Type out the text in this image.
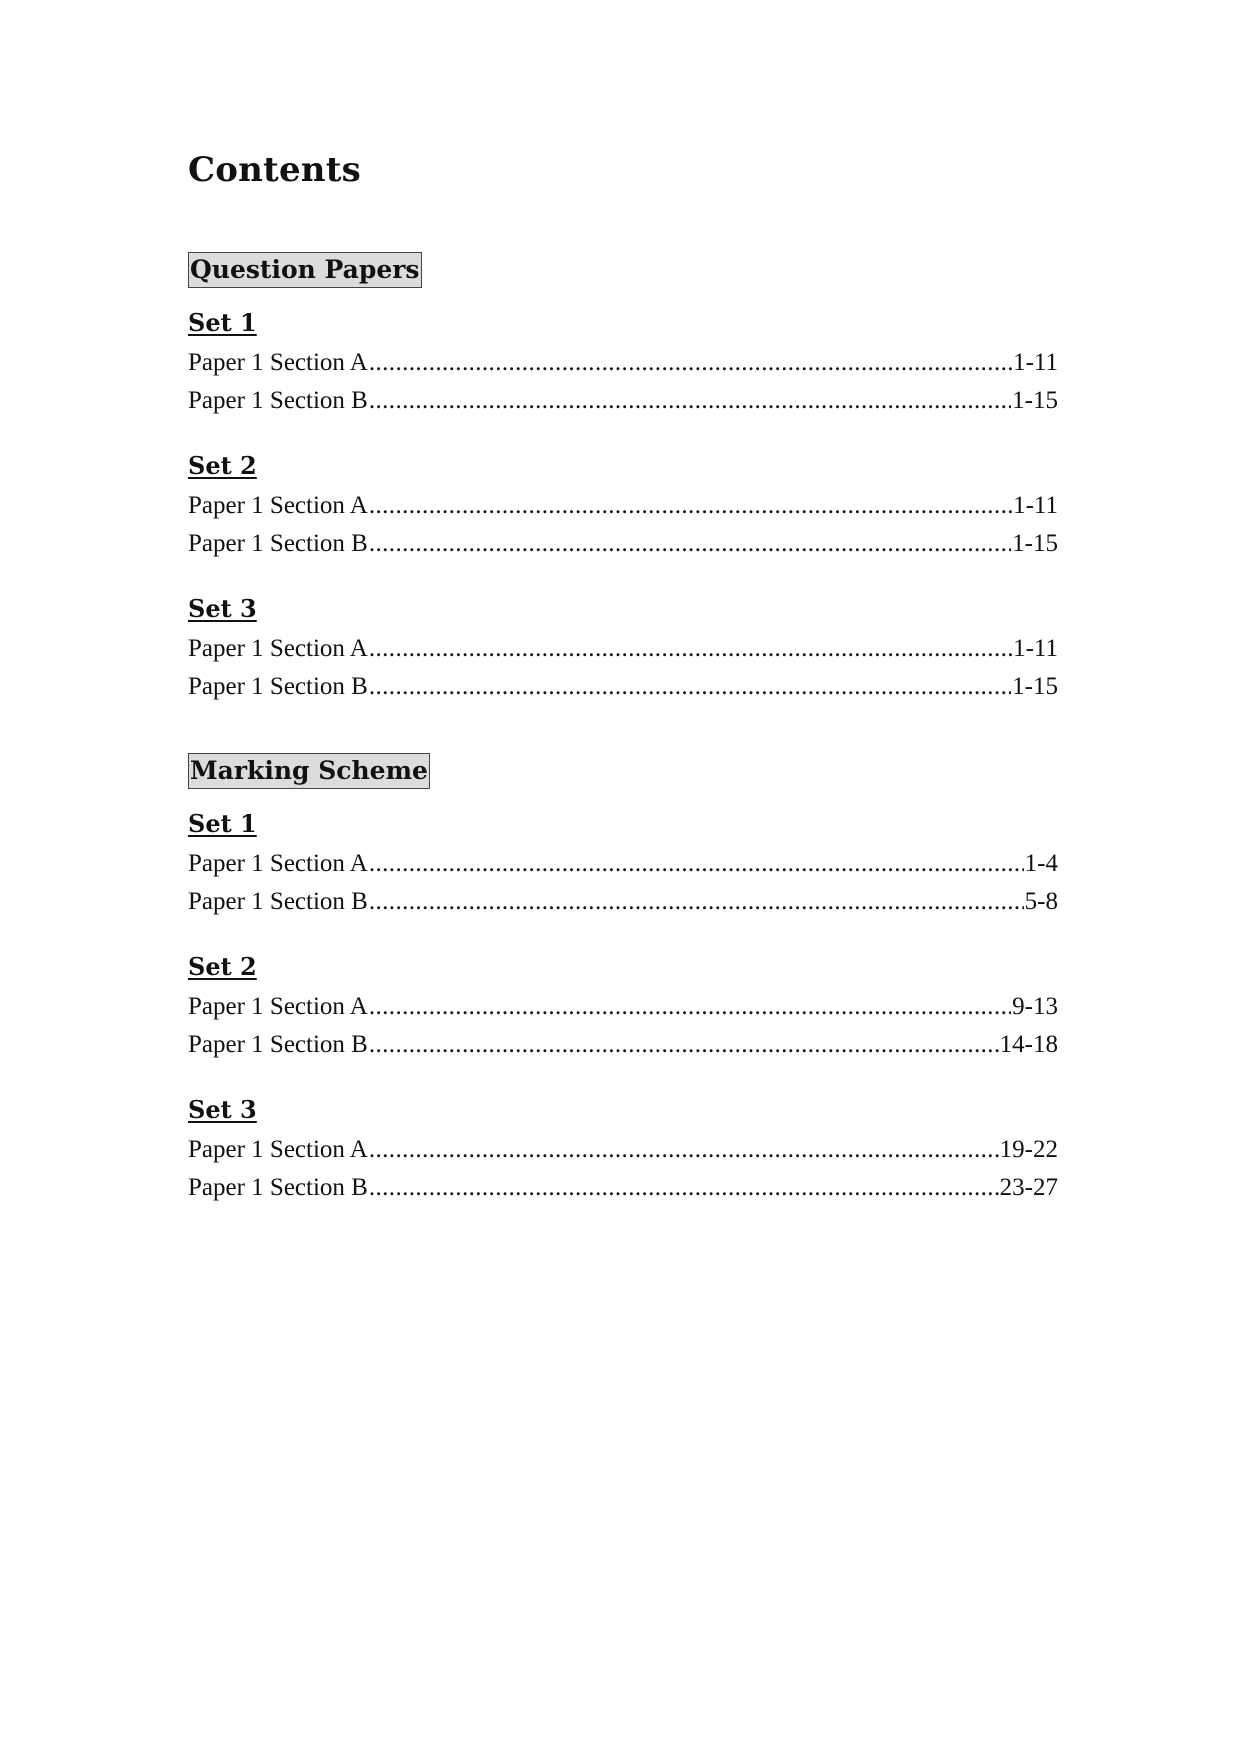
Contents
Question Papers
Set 1
Paper 1 Section A .....	1-11
Paper 1 Section B .....	1-15
Set 2
Paper 1 Section A .....	1-11
Paper 1 Section B .....	1-15
Set 3
Paper 1 Section A .....	1-11
Paper 1 Section B .....	1-15
Marking Scheme
Set 1
Paper 1 Section A .....	1-4
Paper 1 Section B .....	5-8
Set 2
Paper 1 Section A .....	9-13
Paper 1 Section B .....	14-18
Set 3
Paper 1 Section A .....	19-22
Paper 1 Section B .....	23-27
